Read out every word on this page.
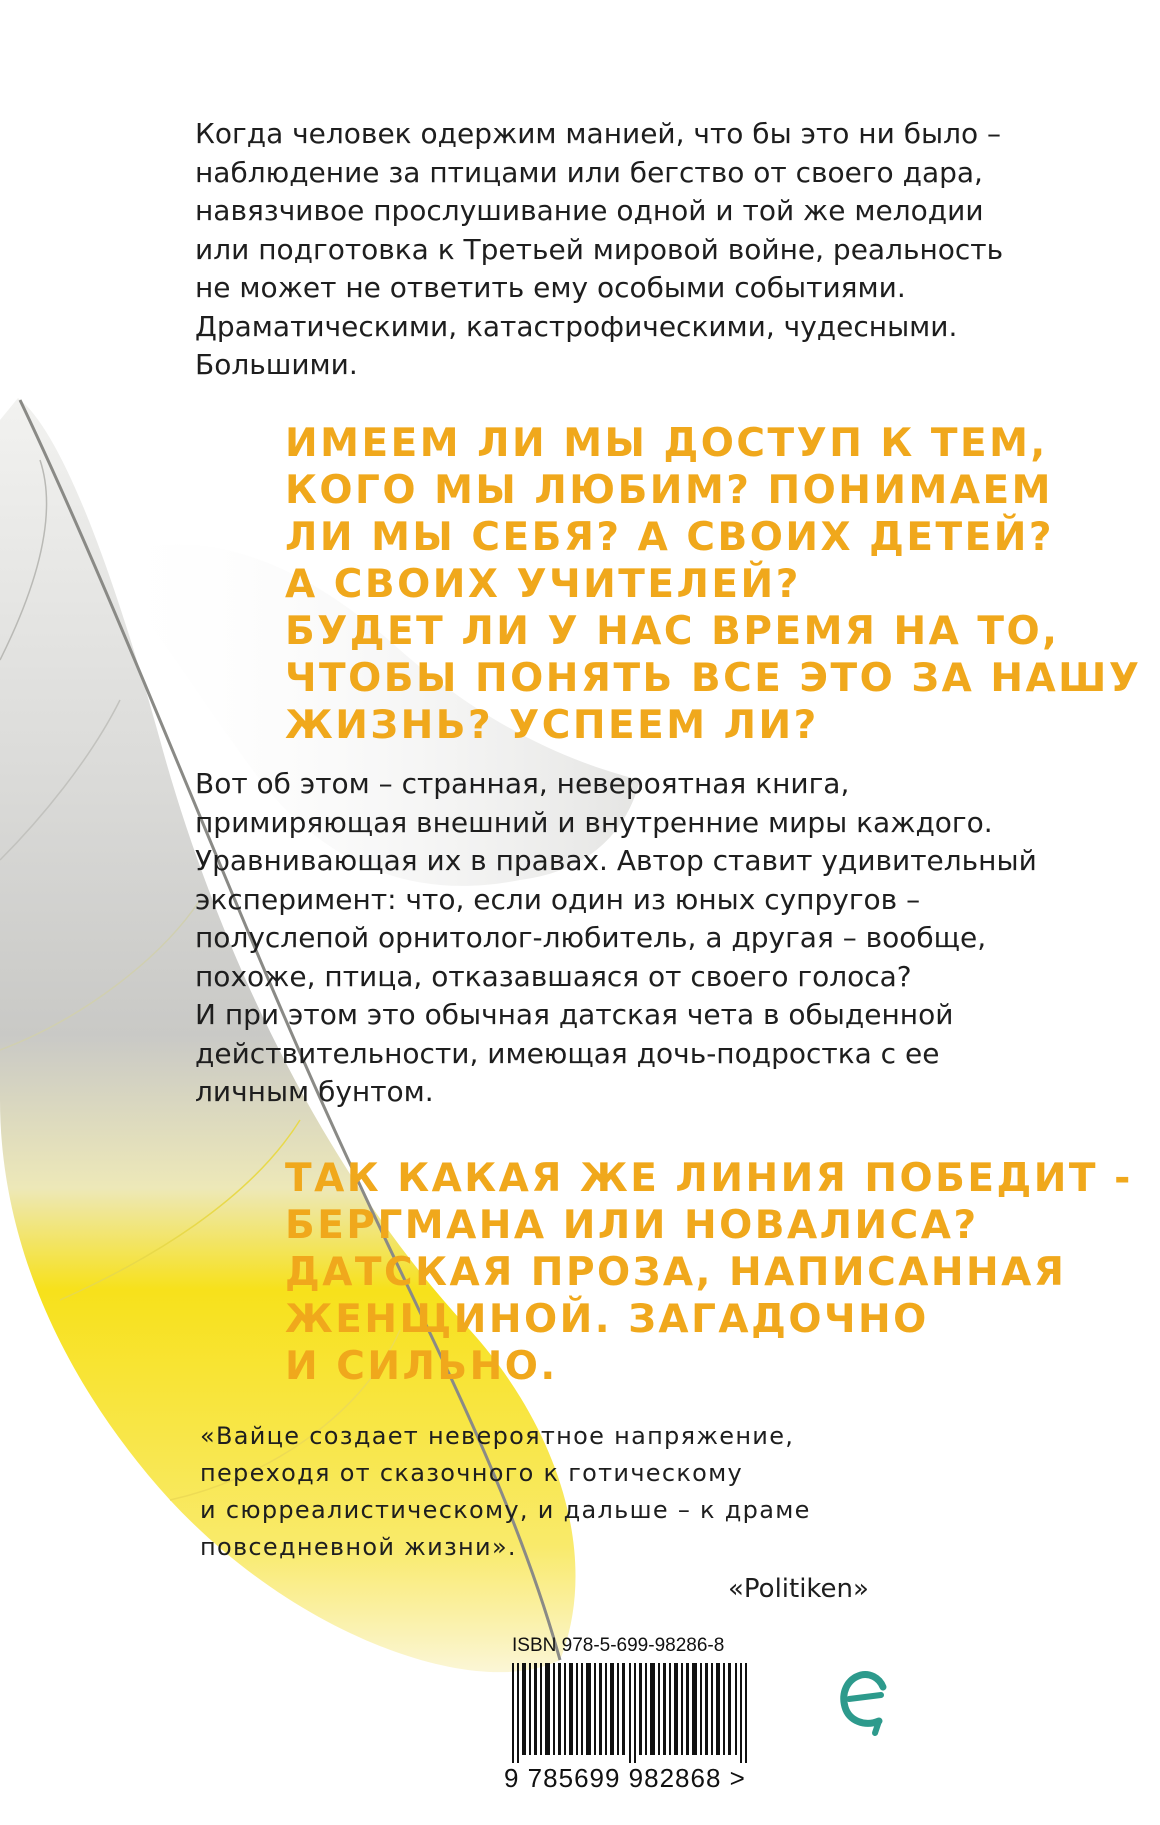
Когда человек одержим манией, что бы это ни было –
наблюдение за птицами или бегство от своего дара,
навязчивое прослушивание одной и той же мелодии
или подготовка к Третьей мировой войне, реальность
не может не ответить ему особыми событиями.
Драматическими, катастрофическими, чудесными.
Большими.
ИМЕЕМ ЛИ МЫ ДОСТУП К ТЕМ,
КОГО МЫ ЛЮБИМ? ПОНИМАЕМ
ЛИ МЫ СЕБЯ? А СВОИХ ДЕТЕЙ?
А СВОИХ УЧИТЕЛЕЙ?
БУДЕТ ЛИ У НАС ВРЕМЯ НА ТО,
ЧТОБЫ ПОНЯТЬ ВСЕ ЭТО ЗА НАШУ
ЖИЗНЬ? УСПЕЕМ ЛИ?
Вот об этом – странная, невероятная книга,
примиряющая внешний и внутренние миры каждого.
Уравнивающая их в правах. Автор ставит удивительный
эксперимент: что, если один из юных супругов –
полуслепой орнитолог-любитель, а другая – вообще,
похоже, птица, отказавшаяся от своего голоса?
И при этом это обычная датская чета в обыденной
действительности, имеющая дочь-подростка с ее
личным бунтом.
ТАК КАКАЯ ЖЕ ЛИНИЯ ПОБЕДИТ -
БЕРГМАНА ИЛИ НОВАЛИСА?
ДАТСКАЯ ПРОЗА, НАПИСАННАЯ
ЖЕНЩИНОЙ. ЗАГАДОЧНО
И СИЛЬНО.
«Вайце создает невероятное напряжение,
переходя от сказочного к готическому
и сюрреалистическому, и дальше – к драме
повседневной жизни».
«Politiken»
ISBN 978-5-699-98286-8
9 785699 982868 >
